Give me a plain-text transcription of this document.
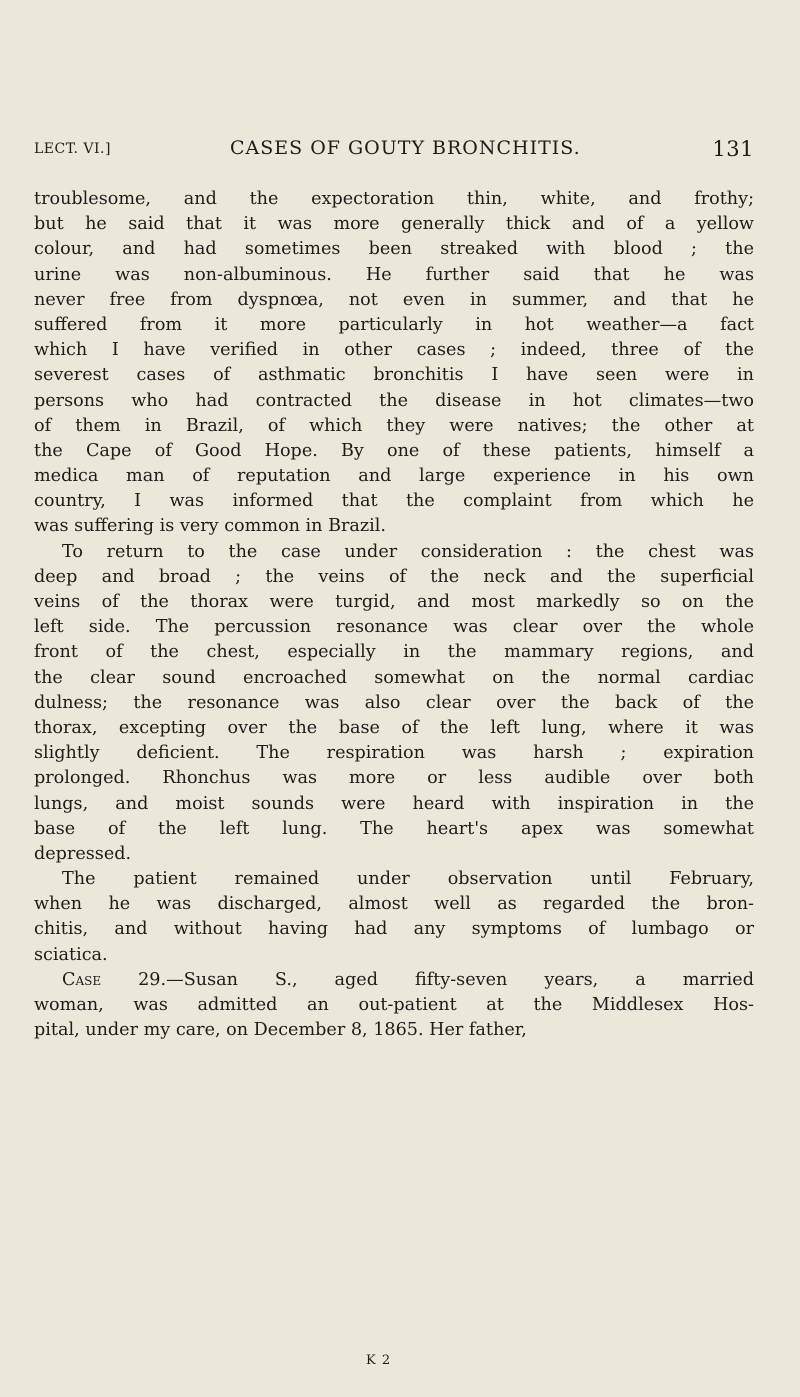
LECT. VI.]	CASES OF GOUTY BRONCHITIS.	131
troublesome, and the expectoration thin, white, and frothy;
but he said that it was more generally thick and of a yellow
colour, and had sometimes been streaked with blood ; the
urine was non-albuminous. He further said that he was
never free from dyspnœa, not even in summer, and that he
suffered from it more particularly in hot weather—a fact
which I have verified in other cases ; indeed, three of the
severest cases of asthmatic bronchitis I have seen were in
persons who had contracted the disease in hot climates—two
of them in Brazil, of which they were natives; the other at
the Cape of Good Hope. By one of these patients, himself a
medica man of reputation and large experience in his own
country, I was informed that the complaint from which he
was suffering is very common in Brazil.
To return to the case under consideration : the chest was
deep and broad ; the veins of the neck and the superficial
veins of the thorax were turgid, and most markedly so on the
left side. The percussion resonance was clear over the whole
front of the chest, especially in the mammary regions, and
the clear sound encroached somewhat on the normal cardiac
dulness; the resonance was also clear over the back of the
thorax, excepting over the base of the left lung, where it was
slightly deficient. The respiration was harsh ; expiration
prolonged. Rhonchus was more or less audible over both
lungs, and moist sounds were heard with inspiration in the
base of the left lung. The heart's apex was somewhat
depressed.
The patient remained under observation until February,
when he was discharged, almost well as regarded the bron-
chitis, and without having had any symptoms of lumbago or
sciatica.
Case 29.—Susan S., aged fifty-seven years, a married
woman, was admitted an out-patient at the Middlesex Hos-
pital, under my care, on December 8, 1865. Her father,
K 2
